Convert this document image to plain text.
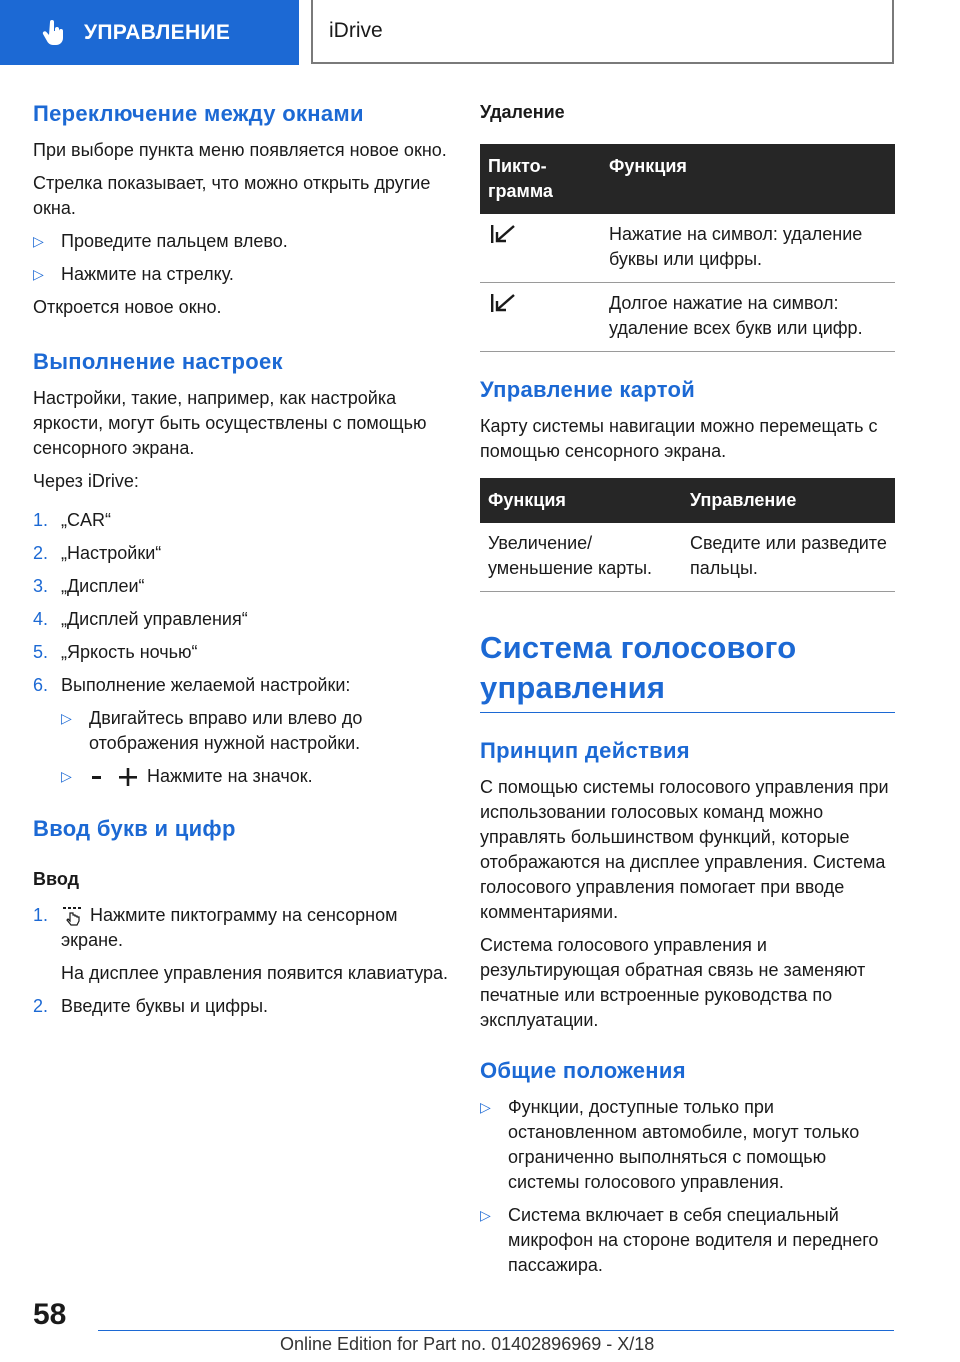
УПРАВЛЕНИЕ	iDrive
Переключение между окнами

При выборе пункта меню появляется новое окно.

Стрелка показывает, что можно открыть другие окна.

▷ Проведите пальцем влево.
▷ Нажмите на стрелку.

Откроется новое окно.

Выполнение настроек

Настройки, такие, например, как настройка яркости, могут быть осуществлены с помощью сенсорного экрана.

Через iDrive:

1. „CAR“
2. „Настройки“
3. „Дисплеи“
4. „Дисплей управления“
5. „Яркость ночью“
6. Выполнение желаемой настройки:
▷ Двигайтесь вправо или влево до отображения нужной настройки.
▷	Нажмите на значок.
Ввод букв и цифр
Ввод
1.	Нажмите пиктограмму на сенсорном экране.

На дисплее управления появится клавиатура.

2. Введите буквы и цифры.
Удаление
Пикто-грамма	Функция
	Нажатие на символ: удаление буквы или цифры.
	Долгое нажатие на символ: удаление всех букв или цифр.
Управление картой

Карту системы навигации можно перемещать с помощью сенсорного экрана.

Функция	Управление
Увеличение/уменьшение карты.	Сведите или разведите пальцы.
Система голосового управления
Принцип действия

С помощью системы голосового управления при использовании голосовых команд можно управлять большинством функций, которые отображаются на дисплее управления. Система голосового управления помогает при вводе комментариями.

Система голосового управления и результирующая обратная связь не заменяют печатные или встроенные руководства по эксплуатации.

Общие положения
▷ Функции, доступные только при остановленном автомобиле, могут только ограниченно выполняться с помощью системы голосового управления.
▷ Система включает в себя специальный микрофон на стороне водителя и переднего пассажира.
58
Online Edition for Part no. 01402896969 - X/18
